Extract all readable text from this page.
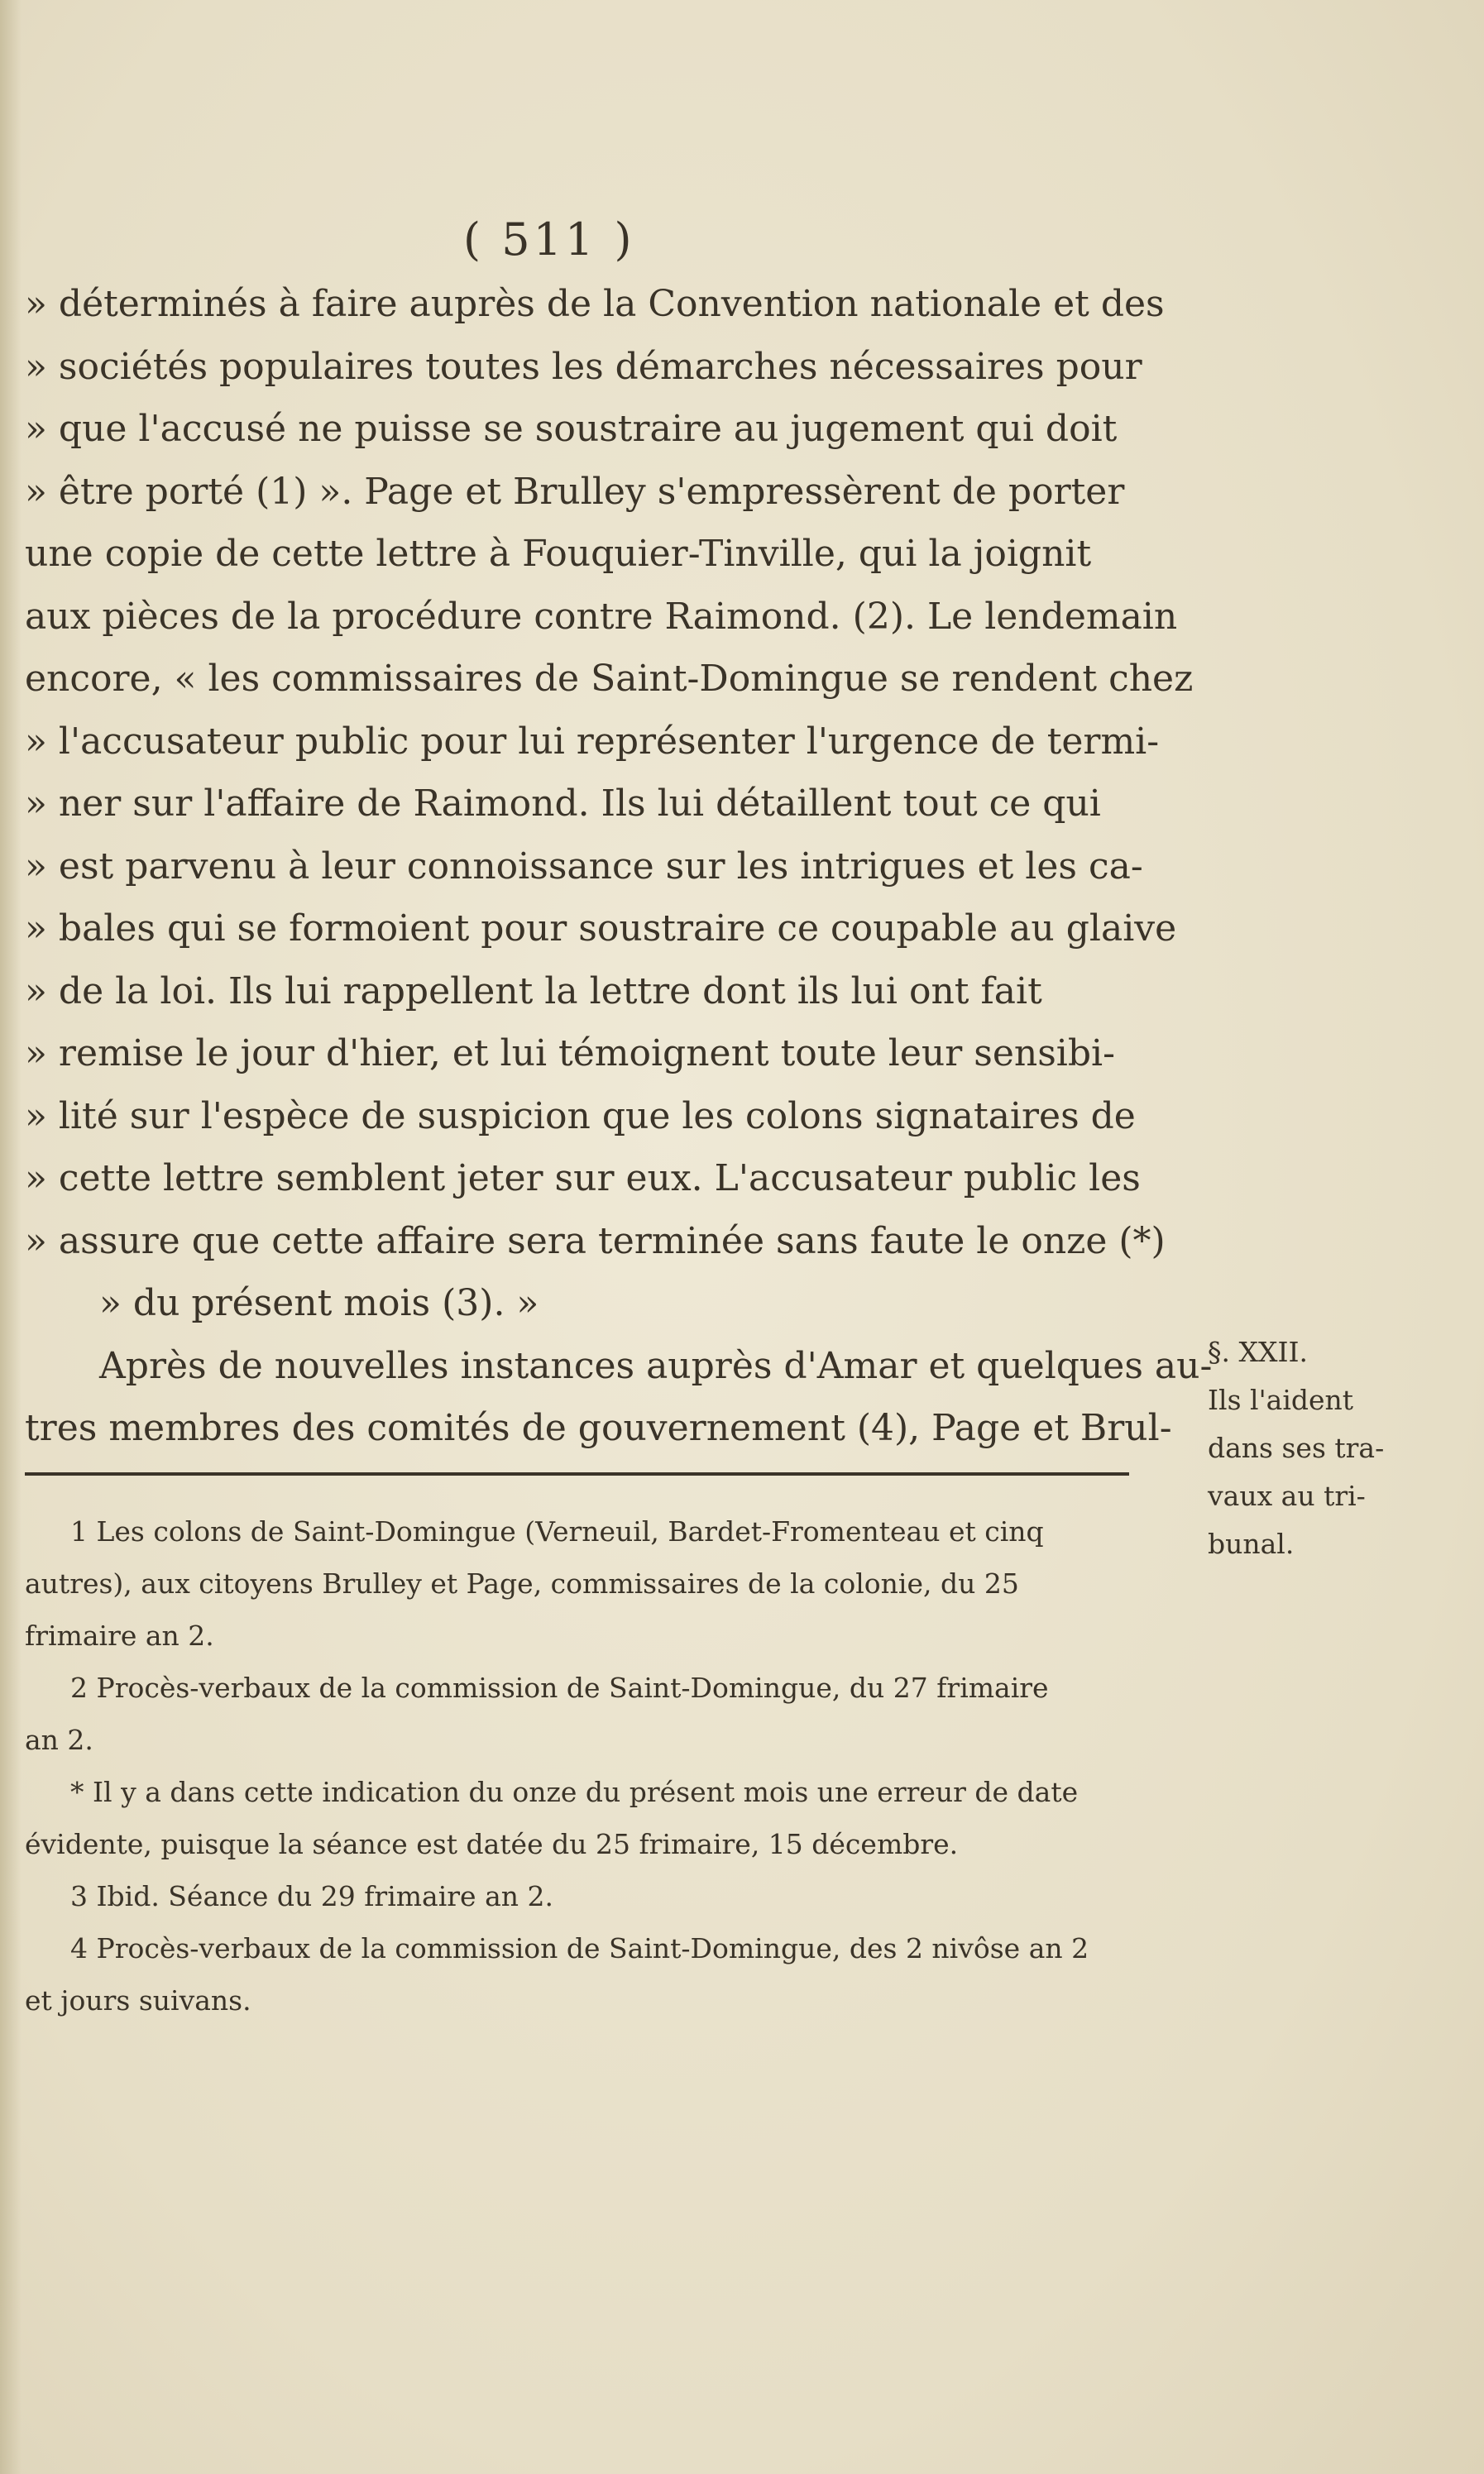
( 511 )
» déterminés à faire auprès de la Convention nationale et des
» sociétés populaires toutes les démarches nécessaires pour
» que l'accusé ne puisse se soustraire au jugement qui doit
» être porté (1) ». Page et Brulley s'empressèrent de porter
une copie de cette lettre à Fouquier-Tinville, qui la joignit
aux pièces de la procédure contre Raimond. (2). Le lendemain
encore, « les commissaires de Saint-Domingue se rendent chez
» l'accusateur public pour lui représenter l'urgence de termi-
» ner sur l'affaire de Raimond. Ils lui détaillent tout ce qui
» est parvenu à leur connoissance sur les intrigues et les ca-
» bales qui se formoient pour soustraire ce coupable au glaive
» de la loi. Ils lui rappellent la lettre dont ils lui ont fait
» remise le jour d'hier, et lui témoignent toute leur sensibi-
» lité sur l'espèce de suspicion que les colons signataires de
» cette lettre semblent jeter sur eux. L'accusateur public les
» assure que cette affaire sera terminée sans faute le onze (*)
» du présent mois (3). »
Après de nouvelles instances auprès d'Amar et quelques au-
tres membres des comités de gouvernement (4), Page et Brul-
§. XXII.
Ils l'aident
dans ses tra-
vaux au tri-
bunal.
1 Les colons de Saint-Domingue (Verneuil, Bardet-Fromenteau et cinq
autres), aux citoyens Brulley et Page, commissaires de la colonie, du 25
frimaire an 2.
2 Procès-verbaux de la commission de Saint-Domingue, du 27 frimaire
an 2.
* Il y a dans cette indication du onze du présent mois une erreur de date
évidente, puisque la séance est datée du 25 frimaire, 15 décembre.
3 Ibid. Séance du 29 frimaire an 2.
4 Procès-verbaux de la commission de Saint-Domingue, des 2 nivôse an 2
et jours suivans.
